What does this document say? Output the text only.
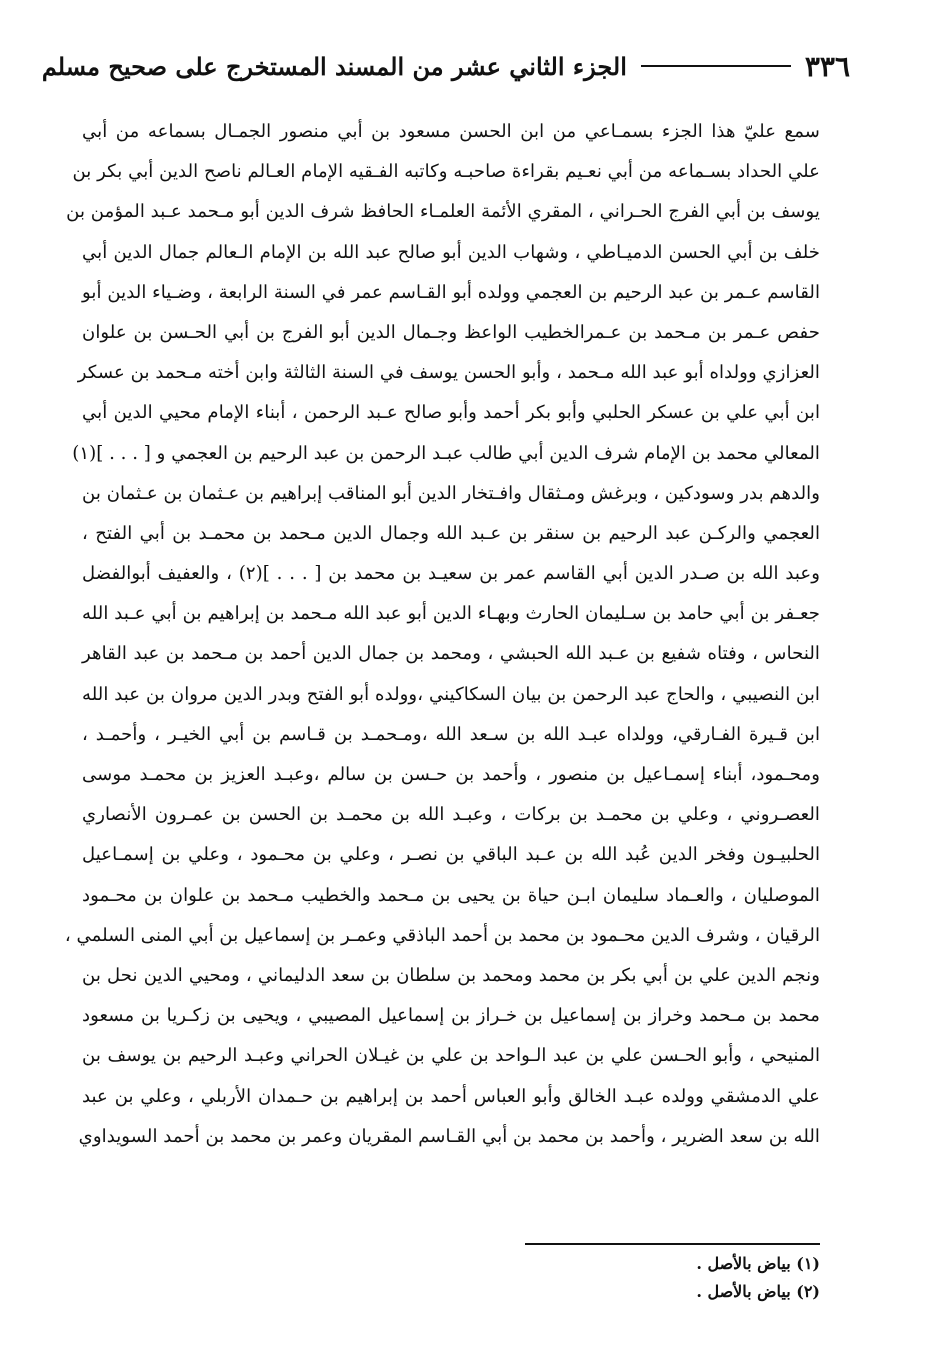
٣٣٦
الجزء الثاني عشر من المسند المستخرج على صحيح مسلم
سمع عليّ هذا الجزء بسمـاعي من ابن الحسن مسعود بن أبي منصور الجمـال بسماعه من أبي
علي الحداد بسـماعه من أبي نعـيم بقراءة صاحبـه وكاتبه الفـقيه الإمام العـالم ناصح الدين أبي بكر بن
يوسف بن أبي الفرج الحـراني ، المقري الأئمة العلمـاء الحافظ شرف الدين أبو مـحمد عـبد المؤمن بن
خلف بن أبي الحسن الدميـاطي ، وشهاب الدين أبو صالح عبد الله بن الإمام الـعالم جمال الدين أبي
القاسم عـمر بن عبد الرحيم بن العجمي وولده أبو القـاسم عمر في السنة الرابعة ، وضـياء الدين أبو
حفص عـمر بن مـحمد بن عـمرالخطيب الواعظ وجـمال الدين أبو الفرج بن أبي الحـسن بن علوان
العزازي وولداه أبو عبد الله مـحمد ، وأبو الحسن يوسف في السنة الثالثة وابن أخته مـحمد بن عسكر
ابن أبي علي بن عسكر الحلبي وأبو بكر أحمد وأبو صالح عـبد الرحمن ، أبناء الإمام محيي الدين أبي
المعالي محمد بن الإمام شرف الدين أبي طالب عبـد الرحمن بن عبد الرحيم بن العجمي و [ . . . ](١)
والدهم بدر وسودكين ، وبرغش ومـثقال وافـتخار الدين أبو المناقب إبراهيم بن عـثمان بن عـثمان بن
العجمي والركـن عبد الرحيم بن سنقر بن عـبد الله وجمال الدين مـحمد بن محمـد بن أبي الفتح ،
وعبد الله بن صـدر الدين أبي القاسم عمر بن سعيـد بن محمد بن [ . . . ](٢) ، والعفيف أبوالفضل
جعـفر بن أبي حامد بن سـليمان الحارث وبهـاء الدين أبو عبد الله مـحمد بن إبراهيم بن أبي عـبد الله
النحاس ، وفتاه شفيع بن عـبد الله الحبشي ، ومحمد بن جمال الدين أحمد بن مـحمد بن عبد القاهر
ابن النصيبي ، والحاج عبد الرحمن بن بيان السكاكيني ،وولده أبو الفتح وبدر الدين مروان بن عبد الله
ابن قـيرة الفـارقي، وولداه عبـد الله بن سـعد الله ،ومـحمـد بن قـاسم بن أبي الخيـر ، وأحمـد ،
ومحـمود، أبناء إسمـاعيل بن منصور ، وأحمد بن حـسن بن سالم ،وعبـد العزيز بن محمـد موسى
العصـروني ، وعلي بن محمـد بن بركات ، وعبـد الله بن محمـد بن الحسن بن عمـرون الأنصاري
الحلبيـون وفخر الدين عُبد الله بن عـبد الباقي بن نصـر ، وعلي بن محـمود ، وعلي بن إسمـاعيل
الموصليان ، والعـماد سليمان ابـن حياة بن يحيى بن مـحمد والخطيب مـحمد بن علوان بن محـمود
الرقيان ، وشرف الدين محـمود بن محمد بن أحمد الباذقي وعمـر بن إسماعيل بن أبي المنى السلمي ،
ونجم الدين علي بن أبي بكر بن محمد ومحمد بن سلطان بن سعد الدليماني ، ومحيي الدين نحل بن
محمد بن مـحمد وخراز بن إسماعيل بن خـراز بن إسماعيل المصيبي ، ويحيى بن زكـريا بن مسعود
المنيحي ، وأبو الحـسن علي بن عبد الـواحد بن علي بن غيـلان الحراني وعبـد الرحيم بن يوسف بن
علي الدمشقي وولده عبـد الخالق وأبو العباس أحمد بن إبراهيم بن حـمدان الأربلي ، وعلي بن عبد
الله بن سعد الضرير ، وأحمد بن محمد بن أبي القـاسم المقريان وعمر بن محمد بن أحمد السويداوي
(١) بياض بالأصل .
(٢) بياض بالأصل .
